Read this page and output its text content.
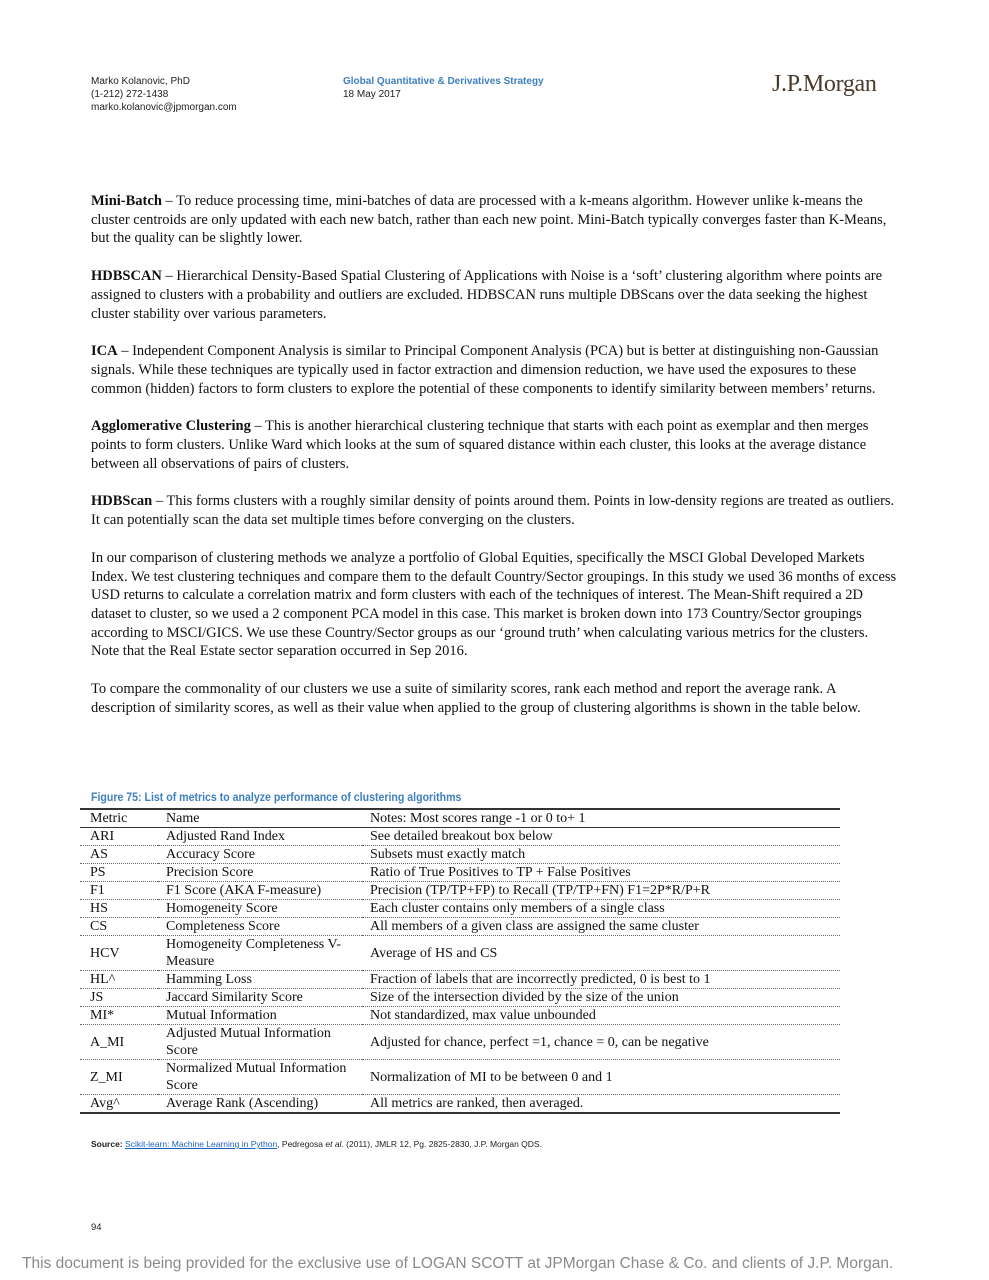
Marko Kolanovic, PhD
(1-212) 272-1438
marko.kolanovic@jpmorgan.com
Global Quantitative & Derivatives Strategy
18 May 2017	J.P.Morgan

Mini-Batch – To reduce processing time, mini-batches of data are processed with a k-means algorithm. However unlike k-means the cluster centroids are only updated with each new batch, rather than each new point. Mini-Batch typically converges faster than K-Means, but the quality can be slightly lower.

HDBSCAN – Hierarchical Density-Based Spatial Clustering of Applications with Noise is a ‘soft’ clustering algorithm where points are assigned to clusters with a probability and outliers are excluded. HDBSCAN runs multiple DBScans over the data seeking the highest cluster stability over various parameters.

ICA – Independent Component Analysis is similar to Principal Component Analysis (PCA) but is better at distinguishing non-Gaussian signals. While these techniques are typically used in factor extraction and dimension reduction, we have used the exposures to these common (hidden) factors to form clusters to explore the potential of these components to identify similarity between members’ returns.

Agglomerative Clustering – This is another hierarchical clustering technique that starts with each point as exemplar and then merges points to form clusters. Unlike Ward which looks at the sum of squared distance within each cluster, this looks at the average distance between all observations of pairs of clusters.

HDBScan – This forms clusters with a roughly similar density of points around them. Points in low-density regions are treated as outliers. It can potentially scan the data set multiple times before converging on the clusters.

In our comparison of clustering methods we analyze a portfolio of Global Equities, specifically the MSCI Global Developed Markets Index. We test clustering techniques and compare them to the default Country/Sector groupings. In this study we used 36 months of excess USD returns to calculate a correlation matrix and form clusters with each of the techniques of interest. The Mean-Shift required a 2D dataset to cluster, so we used a 2 component PCA model in this case. This market is broken down into 173 Country/Sector groupings according to MSCI/GICS. We use these Country/Sector groups as our ‘ground truth’ when calculating various metrics for the clusters. Note that the Real Estate sector separation occurred in Sep 2016.

To compare the commonality of our clusters we use a suite of similarity scores, rank each method and report the average rank. A description of similarity scores, as well as their value when applied to the group of clustering algorithms is shown in the table below.

Figure 75: List of metrics to analyze performance of clustering algorithms
Metric	Name	Notes: Most scores range -1 or 0 to+ 1
ARI	Adjusted Rand Index	See detailed breakout box below
AS	Accuracy Score	Subsets must exactly match
PS	Precision Score	Ratio of True Positives to TP + False Positives
F1	F1 Score (AKA F-measure)	Precision (TP/TP+FP) to Recall (TP/TP+FN) F1=2P*R/P+R
HS	Homogeneity Score	Each cluster contains only members of a single class
CS	Completeness Score	All members of a given class are assigned the same cluster
HCV	Homogeneity Completeness V-Measure	Average of HS and CS
HL^	Hamming Loss	Fraction of labels that are incorrectly predicted, 0 is best to 1
JS	Jaccard Similarity Score	Size of the intersection divided by the size of the union
MI*	Mutual Information	Not standardized, max value unbounded
A_MI	Adjusted Mutual Information Score	Adjusted for chance, perfect =1, chance = 0, can be negative
Z_MI	Normalized Mutual Information Score	Normalization of MI to be between 0 and 1
Avg^	Average Rank (Ascending)	All metrics are ranked, then averaged.
Source: Scikit-learn: Machine Learning in Python, Pedregosa et al. (2011), JMLR 12, Pg. 2825-2830, J.P. Morgan QDS.
94
This document is being provided for the exclusive use of LOGAN SCOTT at JPMorgan Chase & Co. and clients of J.P. Morgan.
